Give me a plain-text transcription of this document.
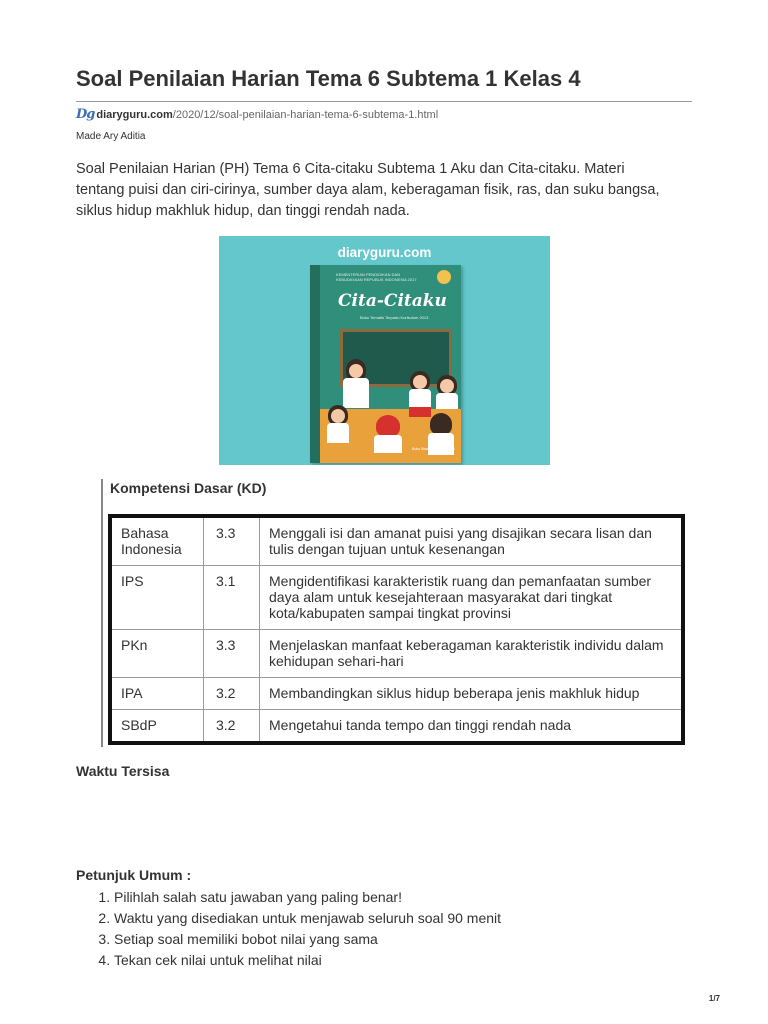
Soal Penilaian Harian Tema 6 Subtema 1 Kelas 4
Dg diaryguru.com /2020/12/soal-penilaian-harian-tema-6-subtema-1.html
Made Ary Aditia

Soal Penilaian Harian (PH) Tema 6 Cita-citaku Subtema 1 Aku dan Cita-citaku. Materi tentang puisi dan ciri-cirinya, sumber daya alam, keberagaman fisik, ras, dan suku bangsa, siklus hidup makhluk hidup, dan tinggi rendah nada.

diaryguru.com
KEMENTERIAN PENDIDIKAN DAN KEBUDAYAAN REPUBLIK INDONESIA 2017
Cita-Citaku
Buku Tematik Terpadu Kurikulum 2013
Buku Siswa SD/MI Kelas IV
Kompetensi Dasar (KD)
Bahasa Indonesia	3.3	Menggali isi dan amanat puisi yang disajikan secara lisan dan tulis dengan tujuan untuk kesenangan
IPS	3.1	Mengidentifikasi karakteristik ruang dan pemanfaatan sumber daya alam untuk kesejahteraan masyarakat dari tingkat kota/kabupaten sampai tingkat provinsi
PKn	3.3	Menjelaskan manfaat keberagaman karakteristik individu dalam kehidupan sehari-hari
IPA	3.2	Membandingkan siklus hidup beberapa jenis makhluk hidup
SBdP	3.2	Mengetahui tanda tempo dan tinggi rendah nada
Waktu Tersisa
Petunjuk Umum :
1. Pilihlah salah satu jawaban yang paling benar!
2. Waktu yang disediakan untuk menjawab seluruh soal 90 menit
3. Setiap soal memiliki bobot nilai yang sama
4. Tekan cek nilai untuk melihat nilai
1/7
